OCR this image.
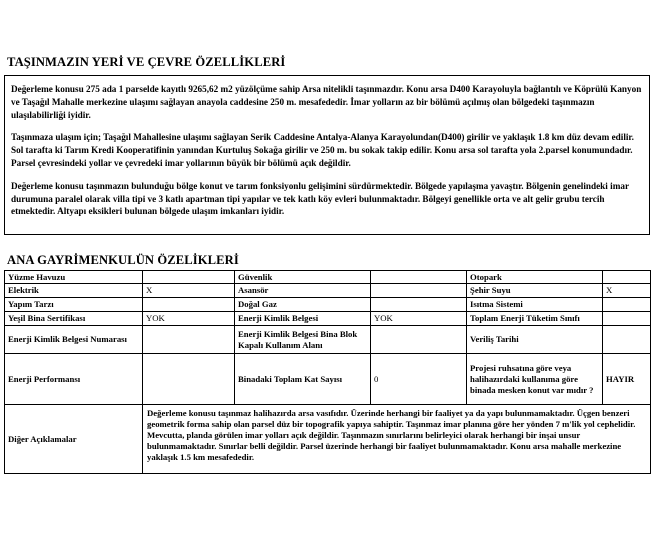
TAŞINMAZIN YERİ VE ÇEVRE ÖZELLİKLERİ

Değerleme konusu 275 ada 1 parselde kayıtlı 9265,62 m2 yüzölçüme sahip Arsa nitelikli taşınmazdır. Konu arsa D400 Karayoluyla bağlantılı ve Köprülü Kanyon ve Taşağıl Mahalle merkezine ulaşımı sağlayan anayola caddesine 250 m. mesafededir. İmar yolların az bir bölümü açılmış olan bölgedeki taşınmazın ulaşılabilirliği iyidir.

Taşınmaza ulaşım için; Taşağıl Mahallesine ulaşımı sağlayan Serik Caddesine Antalya-Alanya Karayolundan(D400) girilir ve yaklaşık 1.8 km düz devam edilir. Sol tarafta ki Tarım Kredi Kooperatifinin yanından Kurtuluş Sokağa girilir ve 250 m. bu sokak takip edilir. Konu arsa sol tarafta yola 2.parsel konumundadır. Parsel çevresindeki yollar ve çevredeki imar yollarının büyük bir bölümü açık değildir.

Değerleme konusu taşınmazın bulunduğu bölge konut ve tarım fonksiyonlu gelişimini sürdürmektedir. Bölgede yapılaşma yavaştır. Bölgenin genelindeki imar durumuna paralel olarak villa tipi ve 3 katlı apartman tipi yapılar ve tek katlı köy evleri bulunmaktadır. Bölgeyi genellikle orta ve alt gelir grubu tercih etmektedir. Altyapı eksikleri bulunan bölgede ulaşım imkanları iyidir.

ANA GAYRİMENKULÜN ÖZELİKLERİ
Yüzme Havuzu		Güvenlik		Otopark	
Elektrik	X	Asansör		Şehir Suyu	X
Yapım Tarzı		Doğal Gaz		Isıtma Sistemi	
Yeşil Bina Sertifikası	YOK	Enerji Kimlik Belgesi	YOK	Toplam Enerji Tüketim Sınıfı	
Enerji Kimlik Belgesi Numarası		Enerji Kimlik Belgesi Bina Blok Kapalı Kullanım Alanı		Veriliş Tarihi	
Enerji Performansı		Binadaki Toplam Kat Sayısı	0	Projesi ruhsatına göre veya halihazırdaki kullanıma göre binada mesken konut var mıdır ?	HAYIR
Diğer Açıklamalar	Değerleme konusu taşınmaz halihazırda arsa vasıfıdır. Üzerinde herhangi bir faaliyet ya da yapı bulunmamaktadır. Üçgen benzeri geometrik forma sahip olan parsel düz bir topografik yapıya sahiptir. Taşınmaz imar planına göre her yönden 7 m'lik yol cephelidir. Mevcutta, planda görülen imar yolları açık değildir. Taşınmazın sınırlarını belirleyici olarak herhangi bir inşai unsur bulunmamaktadır. Sınırlar belli değildir. Parsel üzerinde herhangi bir faaliyet bulunmamaktadır. Konu arsa mahalle merkezine yaklaşık 1.5 km mesafededir.				
